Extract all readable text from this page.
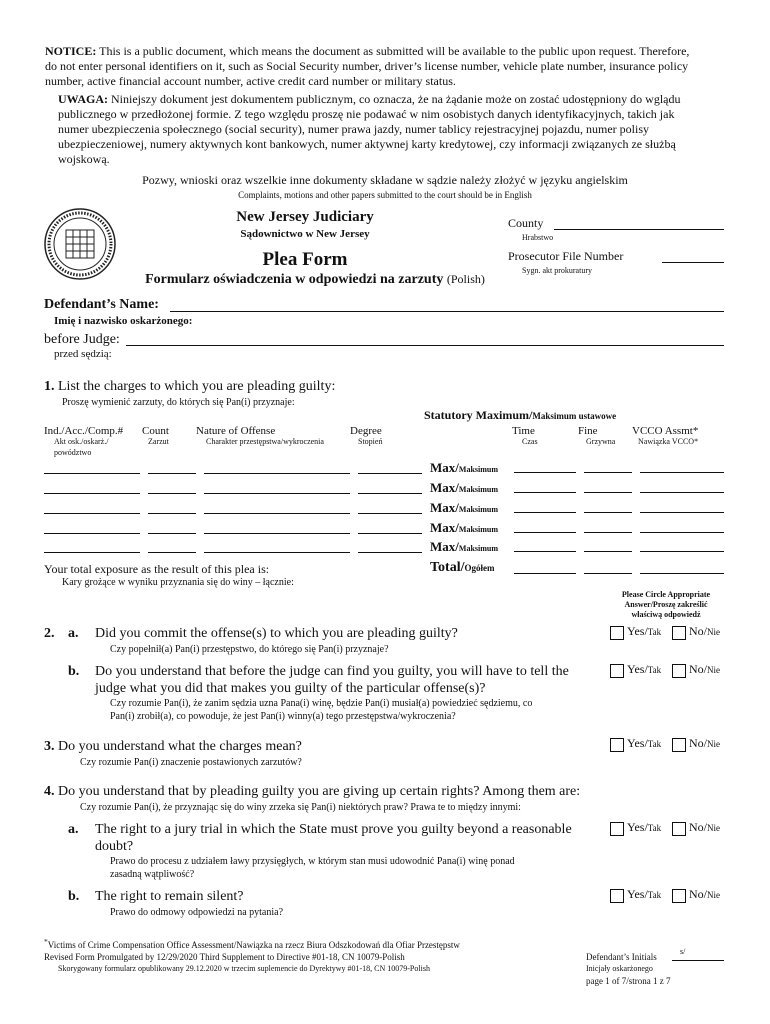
NOTICE: This is a public document, which means the document as submitted will be available to the public upon request. Therefore,
do not enter personal identifiers on it, such as Social Security number, driver’s license number, vehicle plate number, insurance policy
number, active financial account number, active credit card number or military status.
UWAGA: Niniejszy dokument jest dokumentem publicznym, co oznacza, że na żądanie może on zostać udostępniony do wglądu
publicznego w przedłożonej formie. Z tego względu proszę nie podawać w nim osobistych danych identyfikacyjnych, takich jak
numer ubezpieczenia społecznego (social security), numer prawa jazdy, numer tablicy rejestracyjnej pojazdu, numer polisy
ubezpieczeniowej, numery aktywnych kont bankowych, numer aktywnej karty kredytowej, czy informacji związanych ze służbą
wojskową.
Pozwy, wnioski oraz wszelkie inne dokumenty składane w sądzie należy złożyć w języku angielskim
Complaints, motions and other papers submitted to the court should be in English
New Jersey Judiciary
Sądownictwo w New Jersey
Plea Form
Formularz oświadczenia w odpowiedzi na zarzuty (Polish)
County
Hrabstwo
Prosecutor File Number
Sygn. akt prokuratury
Defendant’s Name:
Imię i nazwisko oskarżonego:
before Judge:
przed sędzią:
1. List the charges to which you are pleading guilty:
Proszę wymienić zarzuty, do których się Pan(i) przyznaje:
Statutory Maximum/Maksimum ustawowe
Ind./Acc./Comp.#
Akt osk./oskarż./
powództwo
Count
Zarzut
Nature of Offense
Charakter przestępstwa/wykroczenia
Degree
Stopień
Time
Czas
Fine
Grzywna
VCCO Assmt*
Nawiązka VCCO*
Max/Maksimum
Max/Maksimum
Max/Maksimum
Max/Maksimum
Max/Maksimum
Your total exposure as the result of this plea is:
Kary grożące w wyniku przyznania się do winy – łącznie:
Total/Ogółem
Please Circle Appropriate
Answer/Proszę zakreślić
właściwą odpowiedź
2. a. Did you commit the offense(s) to which you are pleading guilty?
Czy popełnił(a) Pan(i) przestępstwo, do którego się Pan(i) przyznaje?
b. Do you understand that before the judge can find you guilty, you will have to tell the
judge what you did that makes you guilty of the particular offense(s)?
Czy rozumie Pan(i), że zanim sędzia uzna Pana(i) winę, będzie Pan(i) musiał(a) powiedzieć sędziemu, co
Pan(i) zrobił(a), co powoduje, że jest Pan(i) winny(a) tego przestępstwa/wykroczenia?
3. Do you understand what the charges mean?
Czy rozumie Pan(i) znaczenie postawionych zarzutów?
4. Do you understand that by pleading guilty you are giving up certain rights? Among them are:
Czy rozumie Pan(i), że przyznając się do winy zrzeka się Pan(i) niektórych praw? Prawa te to między innymi:
a. The right to a jury trial in which the State must prove you guilty beyond a reasonable
doubt?
Prawo do procesu z udziałem ławy przysięgłych, w którym stan musi udowodnić Pana(i) winę ponad
zasadną wątpliwość?
b. The right to remain silent?
Prawo do odmowy odpowiedzi na pytania?
Yes/Tak No/Nie
Yes/Tak No/Nie
Yes/Tak No/Nie
Yes/Tak No/Nie
Yes/Tak No/Nie
*Victims of Crime Compensation Office Assessment/Nawiązka na rzecz Biura Odszkodowań dla Ofiar Przestępstw
Revised Form Promulgated by 12/29/2020 Third Supplement to Directive #01-18, CN 10079-Polish
Skorygowany formularz opublikowany 29.12.2020 w trzecim suplemencie do Dyrektywy #01-18, CN 10079-Polish
Defendant’s Initials
s/
Inicjały oskarżonego
page 1 of 7/strona 1 z 7
